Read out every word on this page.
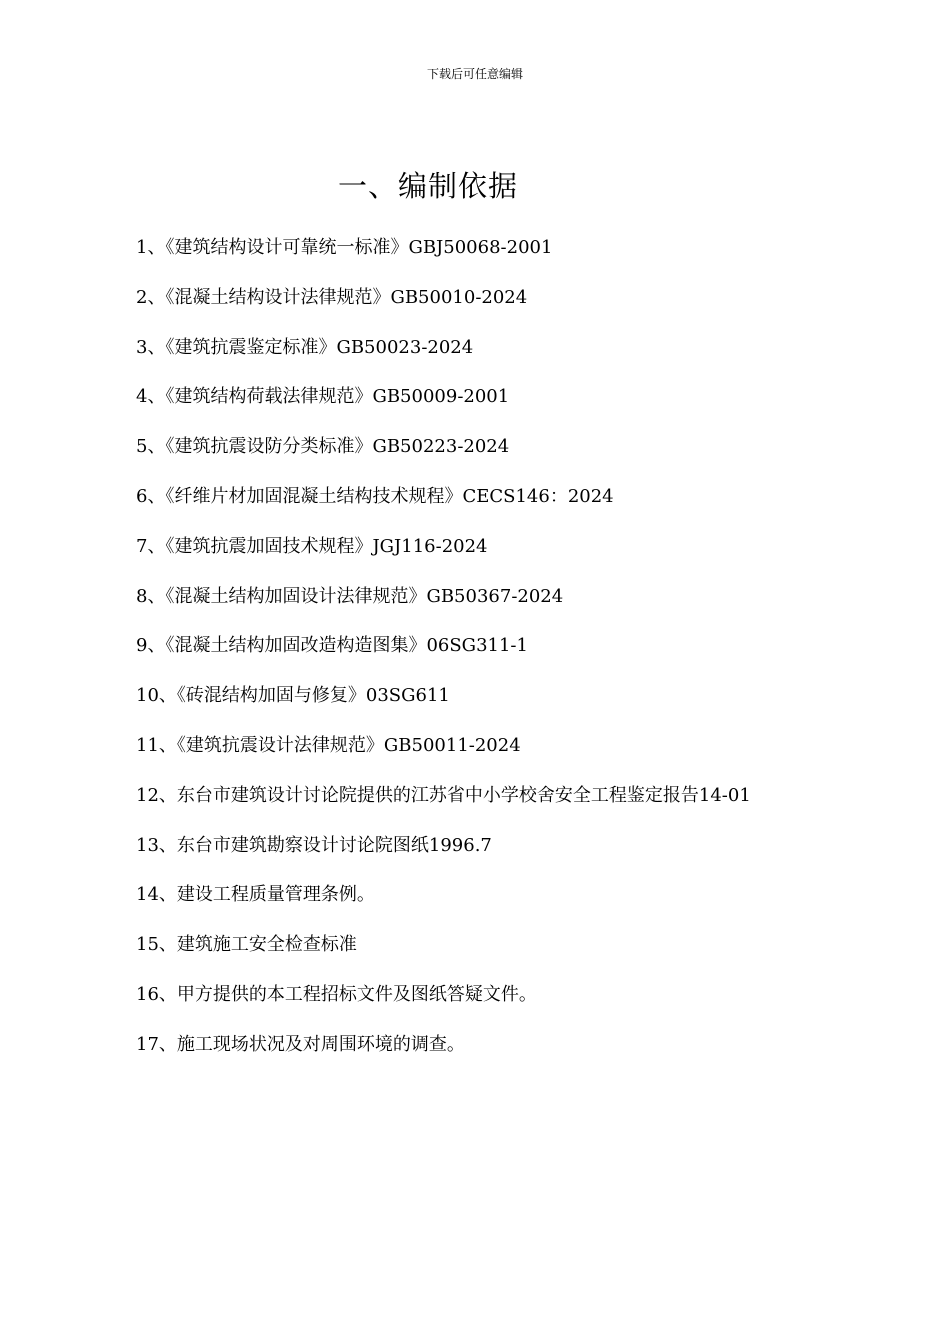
下载后可任意编辑
一、编制依据
1、《建筑结构设计可靠统一标准》GBJ50068-2001
2、《混凝土结构设计法律规范》GB50010-2024
3、《建筑抗震鉴定标准》GB50023-2024
4、《建筑结构荷载法律规范》GB50009-2001
5、《建筑抗震设防分类标准》GB50223-2024
6、《纤维片材加固混凝土结构技术规程》CECS146：2024
7、《建筑抗震加固技术规程》JGJ116-2024
8、《混凝土结构加固设计法律规范》GB50367-2024
9、《混凝土结构加固改造构造图集》06SG311-1
10、《砖混结构加固与修复》03SG611
11、《建筑抗震设计法律规范》GB50011-2024
12、东台市建筑设计讨论院提供的江苏省中小学校舍安全工程鉴定报告14-01
13、东台市建筑勘察设计讨论院图纸1996.7
14、建设工程质量管理条例。
15、建筑施工安全检查标准
16、甲方提供的本工程招标文件及图纸答疑文件。
17、施工现场状况及对周围环境的调查。
